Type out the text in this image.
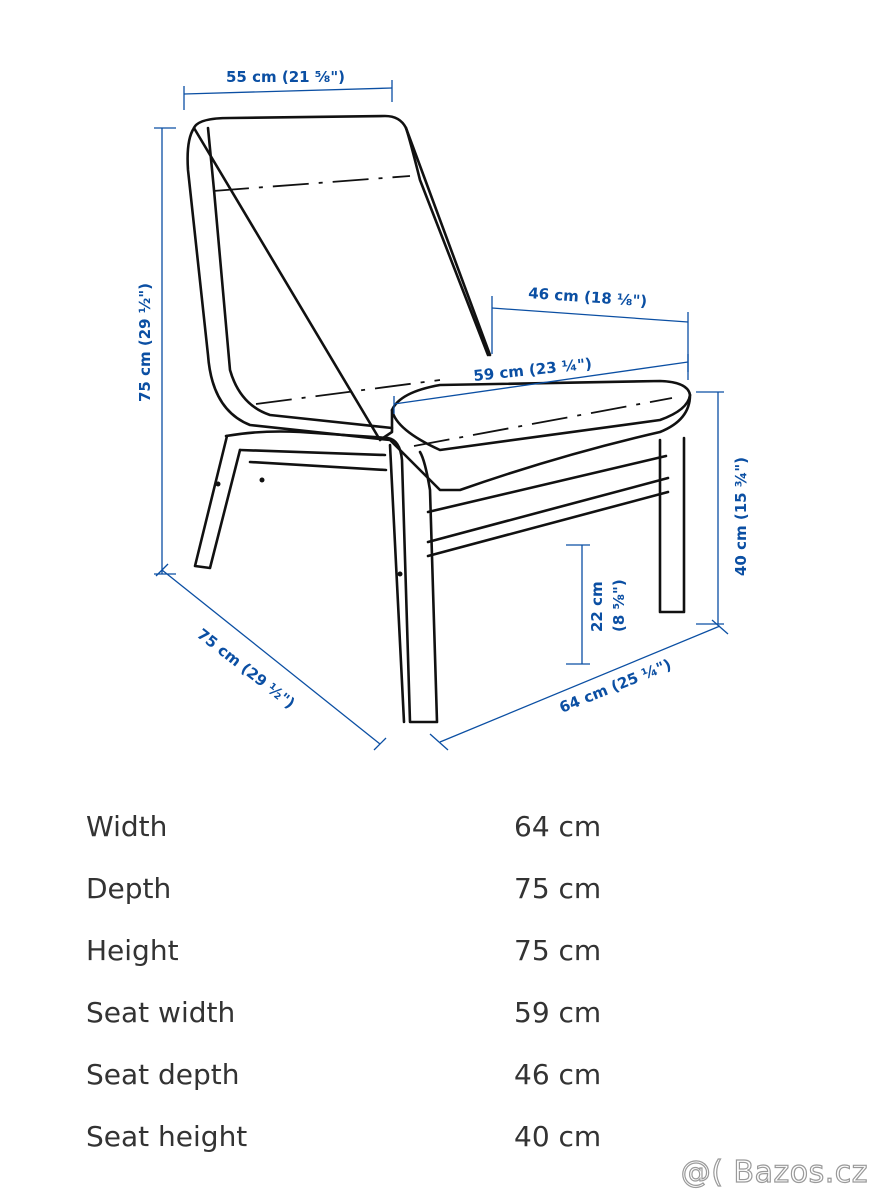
55 cm (21 ⅝")
75 cm (29 ½")	46 cm (18 ⅛")
59 cm (23 ¼")
40 cm (15 ¾")
22 cm (8 ⅝")
75 cm (29 ½")	64 cm (25 ¼")
Width	64 cm
Depth	75 cm
Height	75 cm
Seat width	59 cm
Seat depth	46 cm
Seat height	40 cm
@( Bazos.cz
